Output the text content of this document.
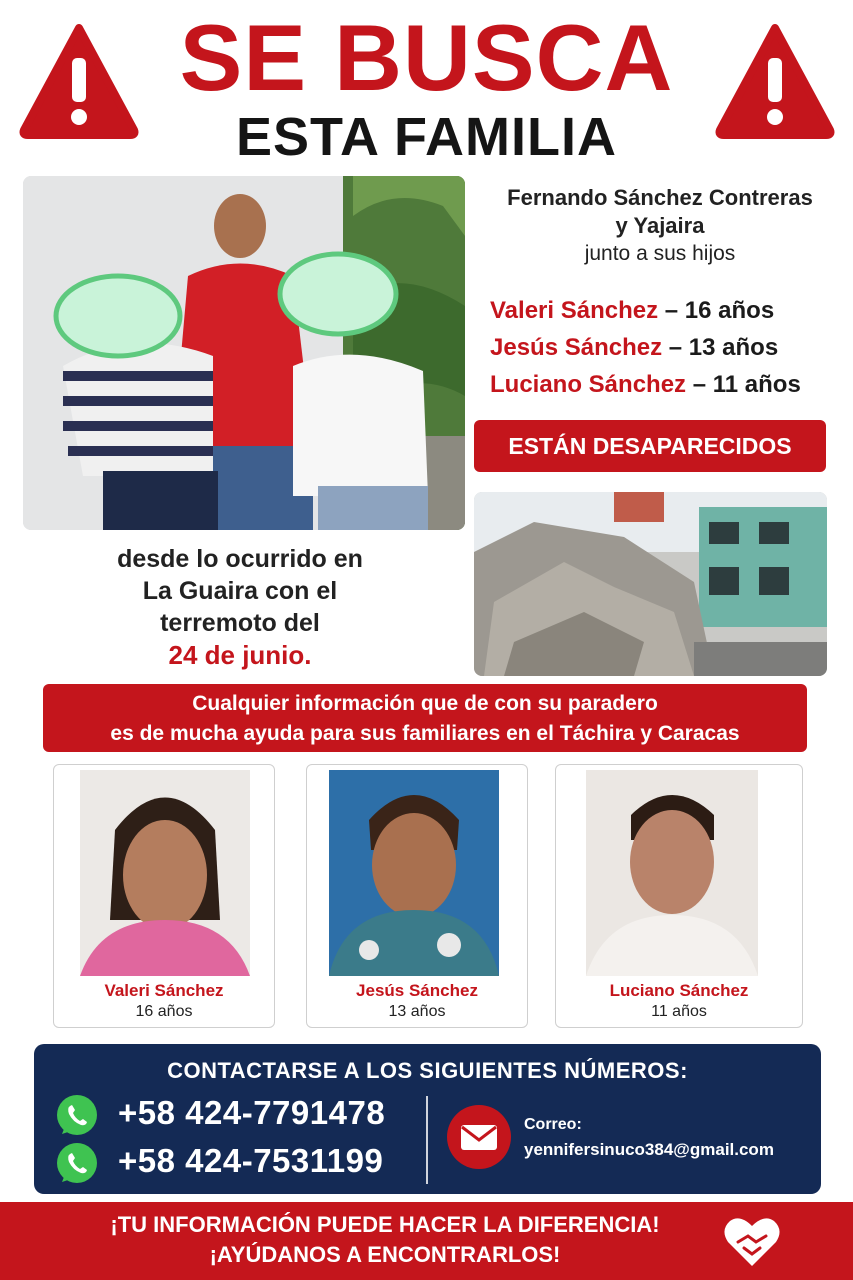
SE BUSCA
ESTA FAMILIA
Fernando Sánchez Contreras
y Yajaira
junto a sus hijos
Valeri Sánchez – 16 años
Jesús Sánchez – 13 años
Luciano Sánchez – 11 años
ESTÁN DESAPARECIDOS
desde lo ocurrido en
La Guaira con el
terremoto del
24 de junio.
Cualquier información que de con su paradero
es de mucha ayuda para sus familiares en el Táchira y Caracas
Valeri Sánchez
16 años
Jesús Sánchez
13 años
Luciano Sánchez
11 años
CONTACTARSE A LOS SIGUIENTES NÚMEROS:
+58 424-7791478
+58 424-7531199
Correo:
yennifersinuco384@gmail.com
¡TU INFORMACIÓN PUEDE HACER LA DIFERENCIA!
¡AYÚDANOS A ENCONTRARLOS!
